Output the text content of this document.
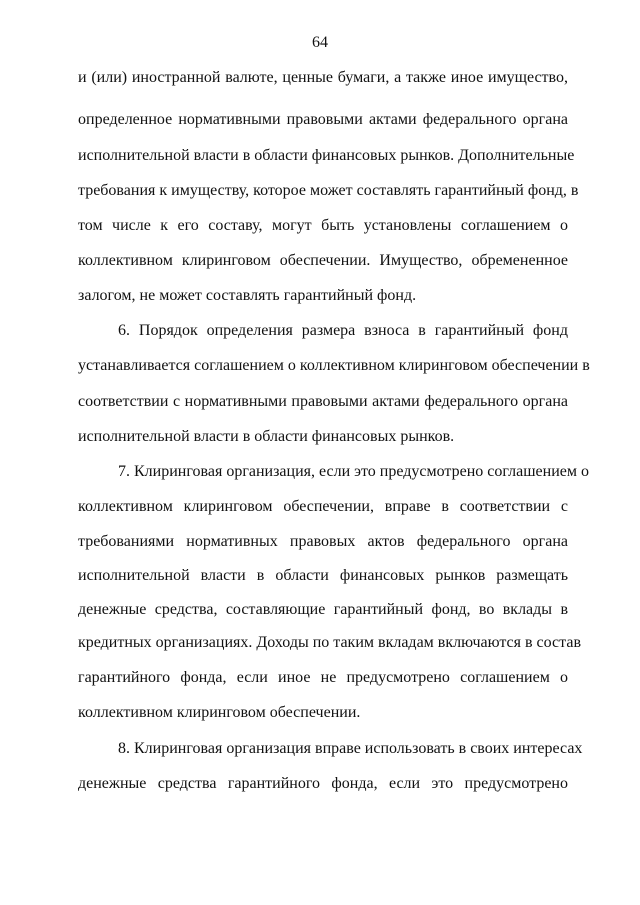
64
и (или) иностранной валюте, ценные бумаги, а также иное имущество,
определенное нормативными правовыми актами федерального органа
исполнительной власти в области финансовых рынков. Дополнительные
требования к имуществу, которое может составлять гарантийный фонд, в
том числе к его составу, могут быть установлены соглашением о
коллективном клиринговом обеспечении. Имущество, обремененное
залогом, не может составлять гарантийный фонд.
6. Порядок определения размера взноса в гарантийный фонд
устанавливается соглашением о коллективном клиринговом обеспечении в
соответствии с нормативными правовыми актами федерального органа
исполнительной власти в области финансовых рынков.
7. Клиринговая организация, если это предусмотрено соглашением о
коллективном клиринговом обеспечении, вправе в соответствии с
требованиями нормативных правовых актов федерального органа
исполнительной власти в области финансовых рынков размещать
денежные средства, составляющие гарантийный фонд, во вклады в
кредитных организациях. Доходы по таким вкладам включаются в состав
гарантийного фонда, если иное не предусмотрено соглашением о
коллективном клиринговом обеспечении.
8. Клиринговая организация вправе использовать в своих интересах
денежные средства гарантийного фонда, если это предусмотрено
